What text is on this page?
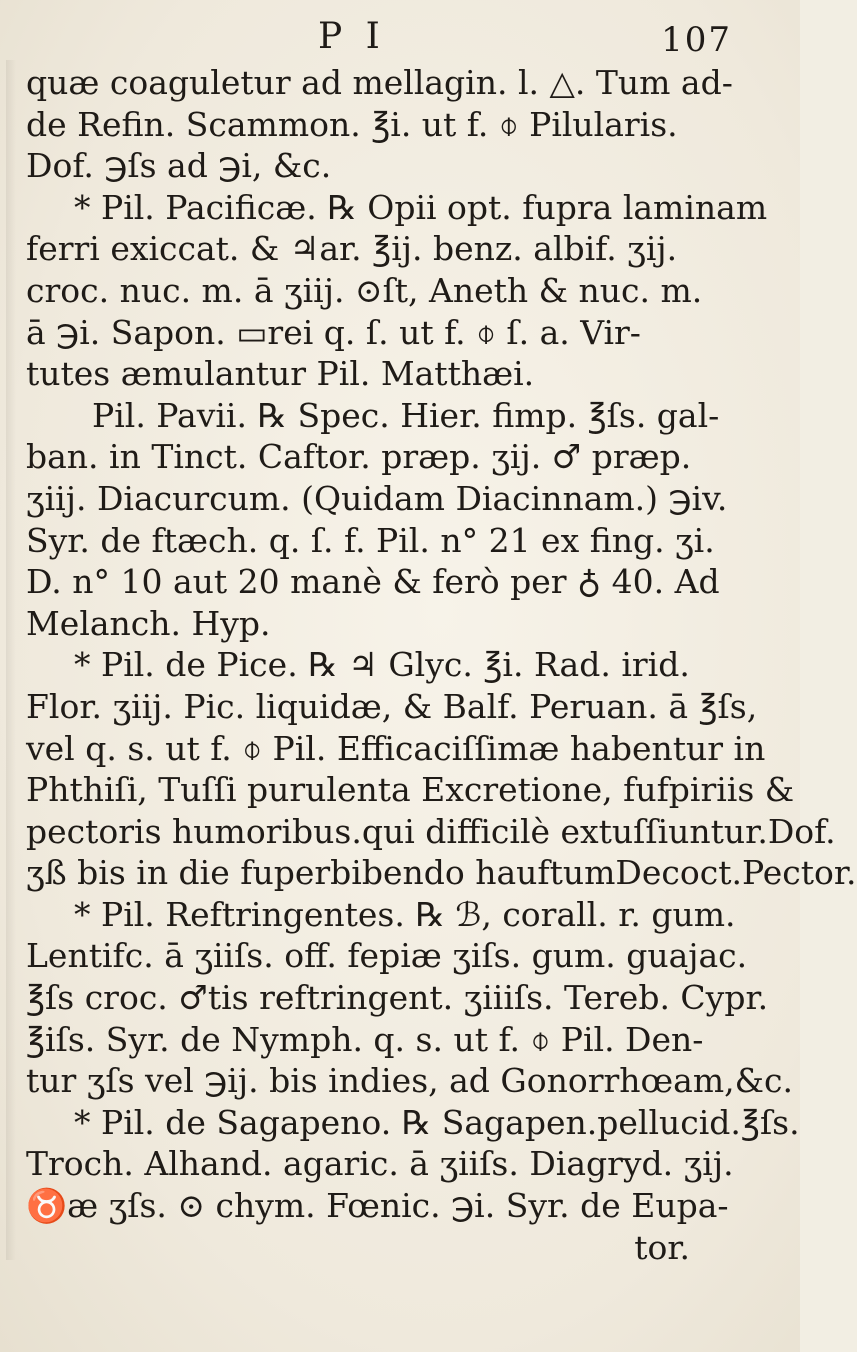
P I	107
quæ coaguletur ad mellagin. l. △. Tum ad-
de Refin. Scammon. ℥i. ut f. ⌽ Pilularis.
Dof. ℈ſs ad ℈i, &c.
* Pil. Pacificæ. ℞ Opii opt. fupra laminam
ferri exiccat. & ♃ar. ℥ij. benz. albif. ʒij.
croc. nuc. m. ā ʒiij. ⊙ſt, Aneth & nuc. m.
ā ℈i. Sapon. ▭rei q. ſ. ut f. ⌽ ſ. a. Vir-
tutes æmulantur Pil. Matthæi.
Pil. Pavii. ℞ Spec. Hier. fimp. ℥ſs. gal-
ban. in Tinct. Caftor. præp. ʒij. ♂ præp.
ʒiij. Diacurcum. (Quidam Diacinnam.) ℈iv.
Syr. de ftæch. q. ſ. f. Pil. n° 21 ex fing. ʒi.
D. n° 10 aut 20 manè & ferò per ♁ 40. Ad
Melanch. Hyp.
* Pil. de Pice. ℞ ♃ Glyc. ℥i. Rad. irid.
Flor. ʒiij. Pic. liquidæ, & Balf. Peruan. ā ℥ſs,
vel q. s. ut f. ⌽ Pil. Efficaciſſimæ habentur in
Phthiſi, Tuſſi purulenta Excretione, fufpiriis &
pectoris humoribus.qui difficilè extuſſiuntur.Dof.
ʒß bis in die fuperbibendo hauftumDecoct.Pector.
* Pil. Reftringentes. ℞ ℬ, corall. r. gum.
Lentifc. ā ʒiiſs. off. fepiæ ʒiſs. gum. guajac.
℥ſs croc. ♂tis reftringent. ʒiiiſs. Tereb. Cypr.
℥iſs. Syr. de Nymph. q. s. ut f. ⌽ Pil. Den-
tur ʒſs vel ℈ij. bis indies, ad Gonorrhœam,&c.
* Pil. de Sagapeno. ℞ Sagapen.pellucid.℥ſs.
Troch. Alhand. agaric. ā ʒiiſs. Diagryd. ʒij.
♉æ ʒſs. ⊙ chym. Fœnic. ℈i. Syr. de Eupa-
tor.
